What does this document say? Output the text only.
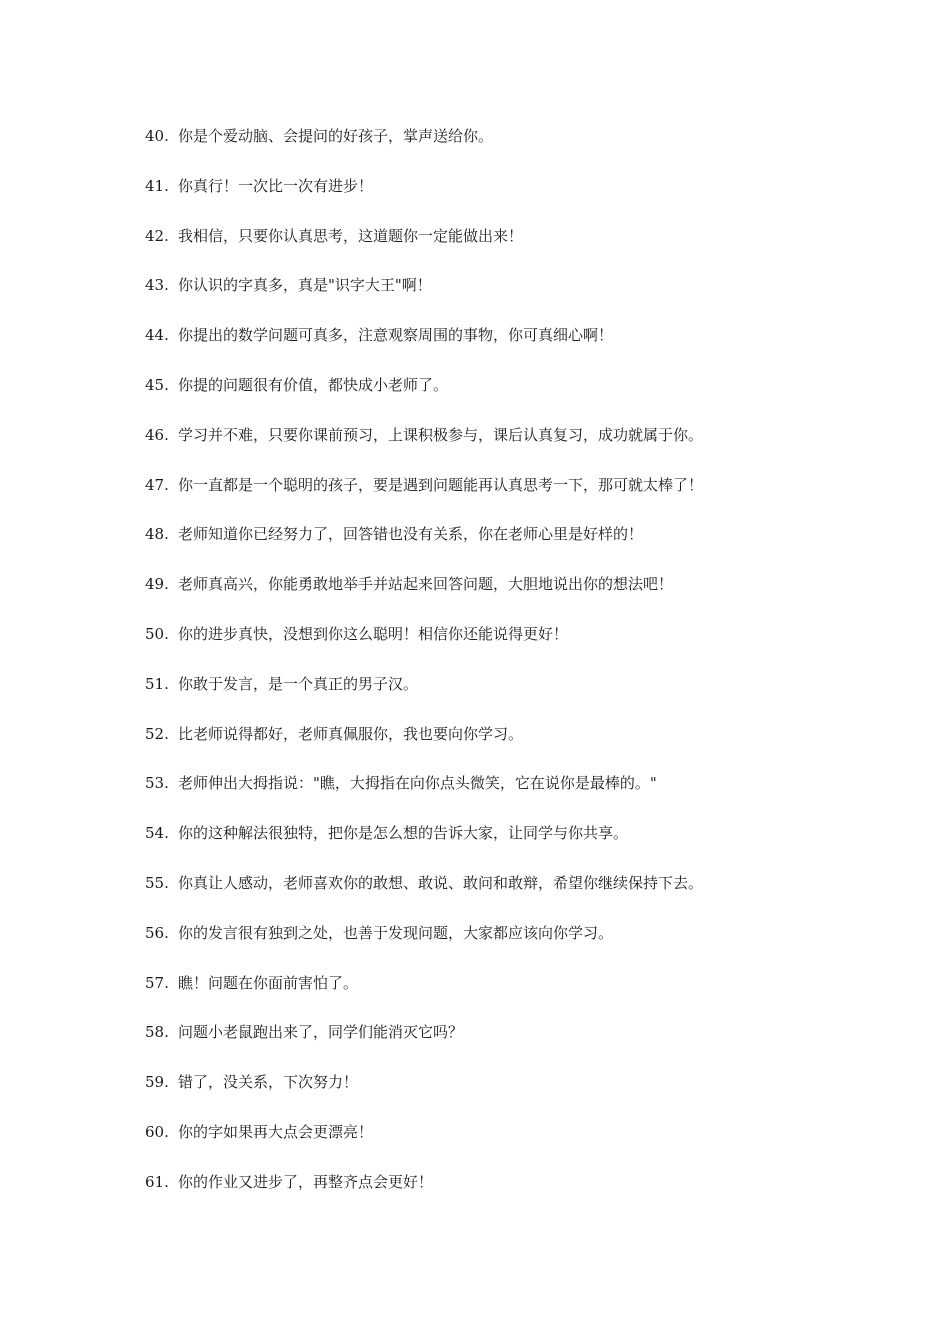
40. 你是个爱动脑、会提问的好孩子，掌声送给你。
41. 你真行！一次比一次有进步！
42. 我相信，只要你认真思考，这道题你一定能做出来！
43. 你认识的字真多，真是"识字大王"啊！
44. 你提出的数学问题可真多，注意观察周围的事物，你可真细心啊！
45. 你提的问题很有价值，都快成小老师了。
46. 学习并不难，只要你课前预习，上课积极参与，课后认真复习，成功就属于你。
47. 你一直都是一个聪明的孩子，要是遇到问题能再认真思考一下，那可就太棒了！
48. 老师知道你已经努力了，回答错也没有关系，你在老师心里是好样的！
49. 老师真高兴，你能勇敢地举手并站起来回答问题，大胆地说出你的想法吧！
50. 你的进步真快，没想到你这么聪明！相信你还能说得更好！
51. 你敢于发言，是一个真正的男子汉。
52. 比老师说得都好，老师真佩服你，我也要向你学习。
53. 老师伸出大拇指说："瞧，大拇指在向你点头微笑，它在说你是最棒的。"
54. 你的这种解法很独特，把你是怎么想的告诉大家，让同学与你共享。
55. 你真让人感动，老师喜欢你的敢想、敢说、敢问和敢辩，希望你继续保持下去。
56. 你的发言很有独到之处，也善于发现问题，大家都应该向你学习。
57. 瞧！问题在你面前害怕了。
58. 问题小老鼠跑出来了，同学们能消灭它吗？
59. 错了，没关系，下次努力！
60. 你的字如果再大点会更漂亮！
61. 你的作业又进步了，再整齐点会更好！
